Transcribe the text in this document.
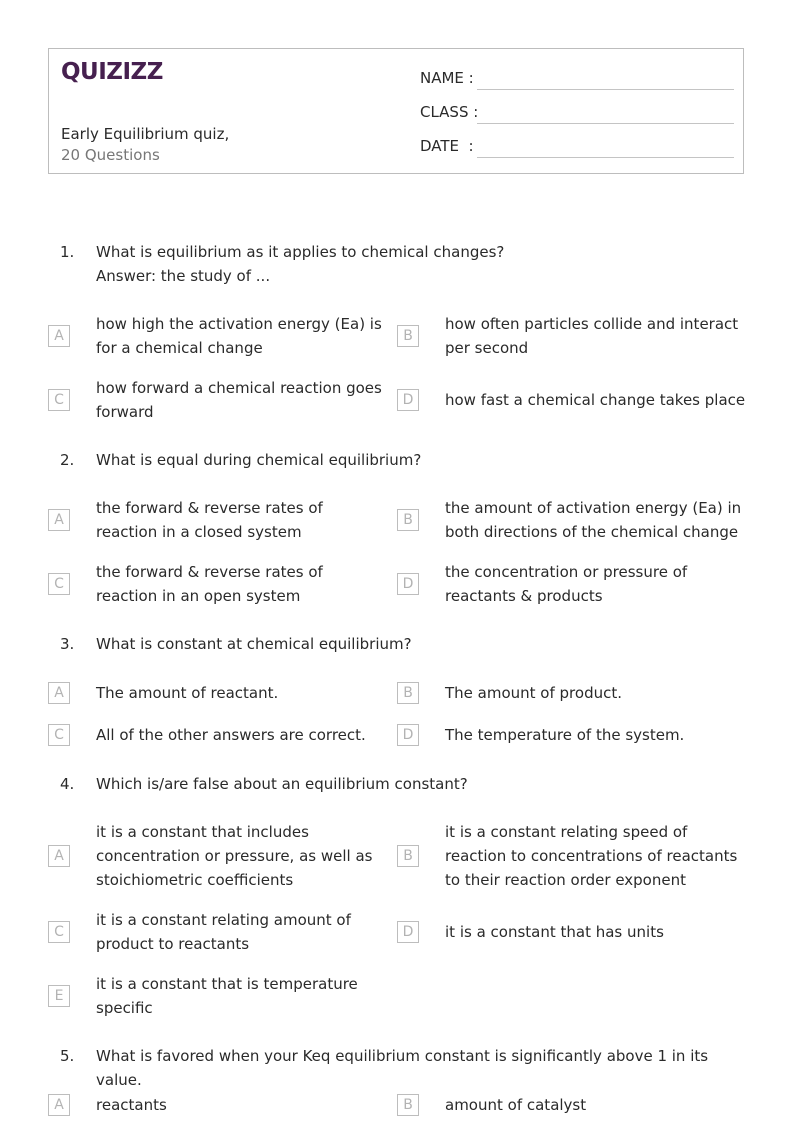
QUIZIZZ
Early Equilibrium quiz,
20 Questions
NAME :
CLASS :
DATE  :
1. What is equilibrium as it applies to chemical changes?
Answer: the study of ...
A
how high the activation energy (Ea) is for a chemical change
B
how often particles collide and interact per second
C
how forward a chemical reaction goes forward
D	how fast a chemical change takes place
2. What is equal during chemical equilibrium?
A
the forward & reverse rates of reaction in a closed system
B
the amount of activation energy (Ea) in both directions of the chemical change
C
the forward & reverse rates of reaction in an open system
D
the concentration or pressure of reactants & products
3. What is constant at chemical equilibrium?
A	The amount of reactant.	B	The amount of product.
C	All of the other answers are correct.	D	The temperature of the system.
4. Which is/are false about an equilibrium constant?
A
it is a constant that includes concentration or pressure, as well as stoichiometric coefficients
B
it is a constant relating speed of reaction to concentrations of reactants to their reaction order exponent
C
it is a constant relating amount of product to reactants
D	it is a constant that has units
E
it is a constant that is temperature specific
5. What is favored when your Keq equilibrium constant is significantly above 1 in its value.
A	reactants	B	amount of catalyst
